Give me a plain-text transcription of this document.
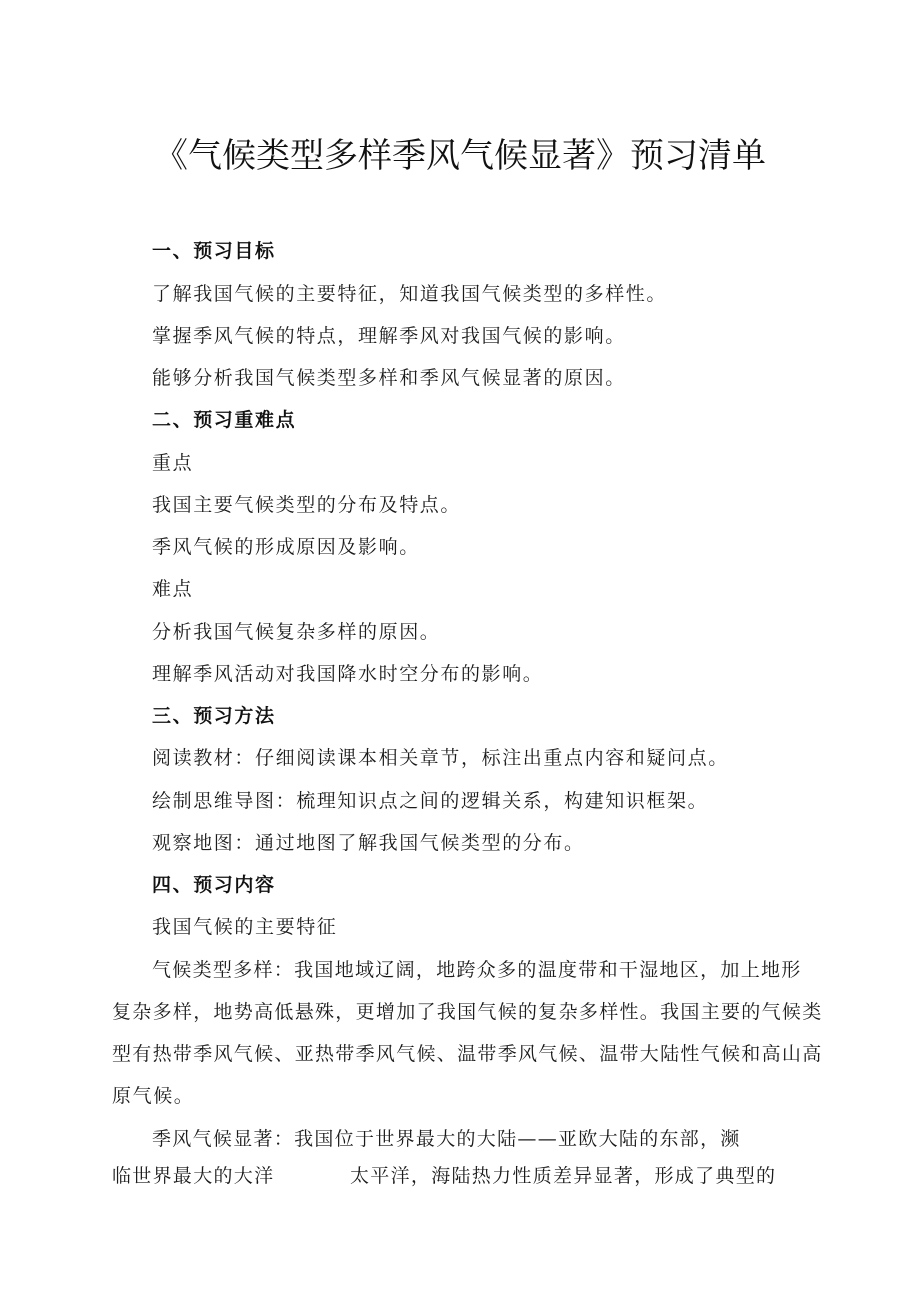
《气候类型多样季风气候显著》预习清单
一、预习目标
了解我国气候的主要特征，知道我国气候类型的多样性。
掌握季风气候的特点，理解季风对我国气候的影响。
能够分析我国气候类型多样和季风气候显著的原因。
二、预习重难点
重点
我国主要气候类型的分布及特点。
季风气候的形成原因及影响。
难点
分析我国气候复杂多样的原因。
理解季风活动对我国降水时空分布的影响。
三、预习方法
阅读教材：仔细阅读课本相关章节，标注出重点内容和疑问点。
绘制思维导图：梳理知识点之间的逻辑关系，构建知识框架。
观察地图：通过地图了解我国气候类型的分布。
四、预习内容
我国气候的主要特征
气候类型多样：我国地域辽阔，地跨众多的温度带和干湿地区，加上地形
复杂多样，地势高低悬殊，更增加了我国气候的复杂多样性。我国主要的气候类
型有热带季风气候、亚热带季风气候、温带季风气候、温带大陆性气候和高山高
原气候。
季风气候显著：我国位于世界最大的大陆——亚欧大陆的东部，濒
临世界最大的大洋	太平洋，海陆热力性质差异显著，形成了典型的
